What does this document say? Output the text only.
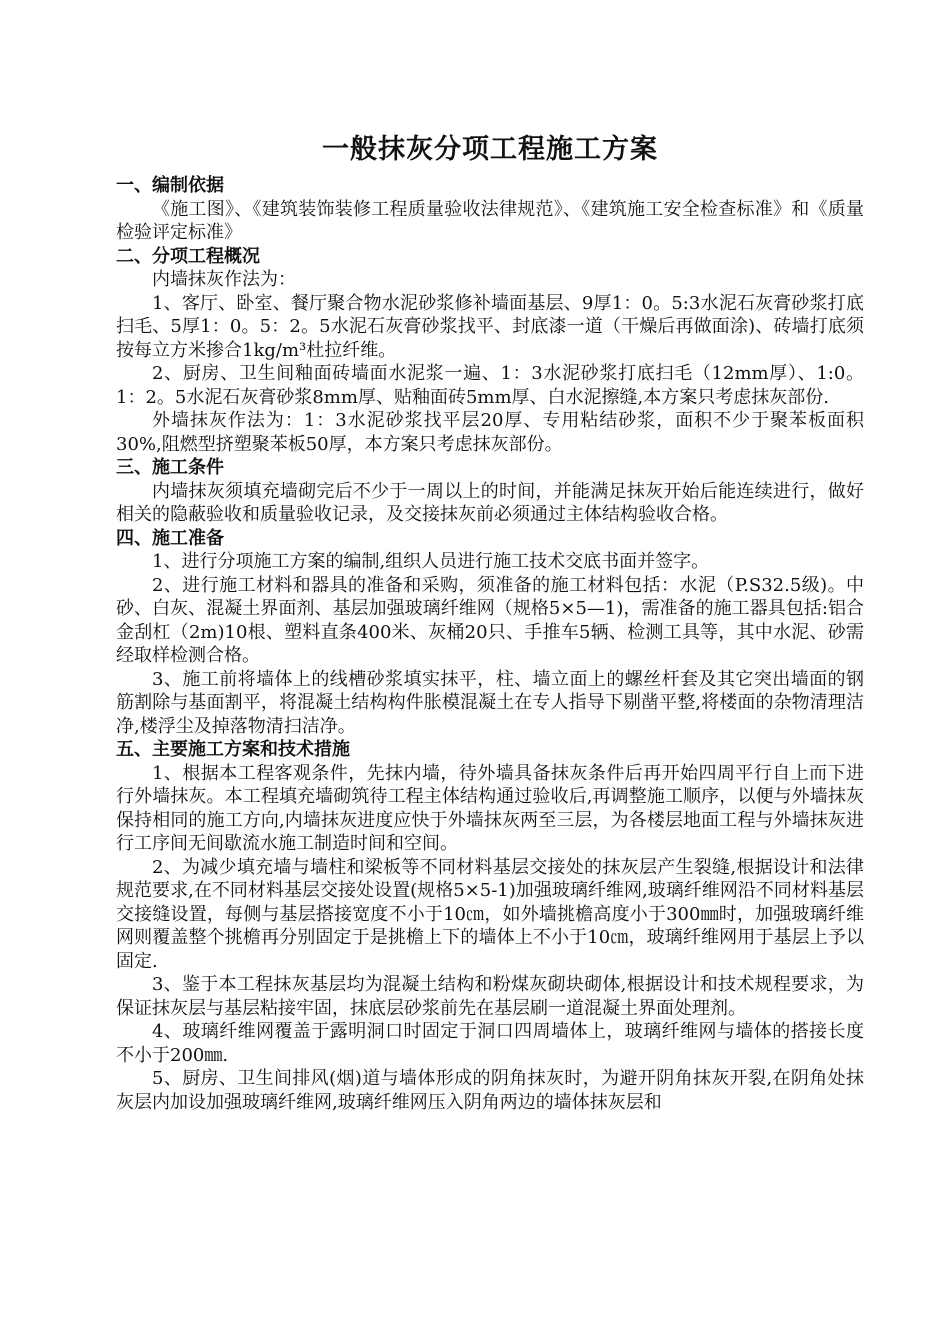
一般抹灰分项工程施工方案
一、编制依据

《施工图》、《建筑装饰装修工程质量验收法律规范》、《建筑施工安全检查标准》和《质量检验评定标准》

二、分项工程概况

内墙抹灰作法为：

1、客厅、卧室、餐厅聚合物水泥砂浆修补墙面基层、9厚1：0。5:3水泥石灰膏砂浆打底扫毛、5厚1：0。5：2。5水泥石灰膏砂浆找平、封底漆一道（干燥后再做面涂)、砖墙打底须按每立方米掺合1kg/m³杜拉纤维。

2、厨房、卫生间釉面砖墙面水泥浆一遍、1：3水泥砂浆打底扫毛（12mm厚）、1:0。1：2。5水泥石灰膏砂浆8mm厚、贴釉面砖5mm厚、白水泥擦缝,本方案只考虑抹灰部份.

外墙抹灰作法为：1：3水泥砂浆找平层20厚、专用粘结砂浆，面积不少于聚苯板面积30%,阻燃型挤塑聚苯板50厚，本方案只考虑抹灰部份。

三、施工条件

内墙抹灰须填充墙砌完后不少于一周以上的时间，并能满足抹灰开始后能连续进行，做好相关的隐蔽验收和质量验收记录，及交接抹灰前必须通过主体结构验收合格。

四、施工准备

1、进行分项施工方案的编制,组织人员进行施工技术交底书面并签字。

2、进行施工材料和器具的准备和采购，须准备的施工材料包括：水泥（P.S32.5级)。中砂、白灰、混凝土界面剂、基层加强玻璃纤维网（规格5×5—1)，需准备的施工器具包括:铝合金刮杠（2m)10根、塑料直条400米、灰桶20只、手推车5辆、检测工具等，其中水泥、砂需经取样检测合格。

3、施工前将墙体上的线槽砂浆填实抹平，柱、墙立面上的螺丝杆套及其它突出墙面的钢筋割除与基面割平，将混凝土结构构件胀模混凝土在专人指导下剔凿平整,将楼面的杂物清理洁净,楼浮尘及掉落物清扫洁净。

五、主要施工方案和技术措施

1、根据本工程客观条件，先抹内墙，待外墙具备抹灰条件后再开始四周平行自上而下进行外墙抹灰。本工程填充墙砌筑待工程主体结构通过验收后,再调整施工顺序，以便与外墙抹灰保持相同的施工方向,内墙抹灰进度应快于外墙抹灰两至三层，为各楼层地面工程与外墙抹灰进行工序间无间歇流水施工制造时间和空间。

2、为减少填充墙与墙柱和梁板等不同材料基层交接处的抹灰层产生裂缝,根据设计和法律规范要求,在不同材料基层交接处设置(规格5×5-1)加强玻璃纤维网,玻璃纤维网沿不同材料基层交接缝设置，每侧与基层搭接宽度不小于10㎝，如外墙挑檐高度小于300㎜时，加强玻璃纤维网则覆盖整个挑檐再分别固定于是挑檐上下的墙体上不小于10㎝，玻璃纤维网用于基层上予以固定.

3、鉴于本工程抹灰基层均为混凝土结构和粉煤灰砌块砌体,根据设计和技术规程要求，为保证抹灰层与基层粘接牢固，抹底层砂浆前先在基层刷一道混凝土界面处理剂。

4、玻璃纤维网覆盖于露明洞口时固定于洞口四周墙体上，玻璃纤维网与墙体的搭接长度不小于200㎜.

5、厨房、卫生间排风(烟)道与墙体形成的阴角抹灰时，为避开阴角抹灰开裂,在阴角处抹灰层内加设加强玻璃纤维网,玻璃纤维网压入阴角两边的墙体抹灰层和
